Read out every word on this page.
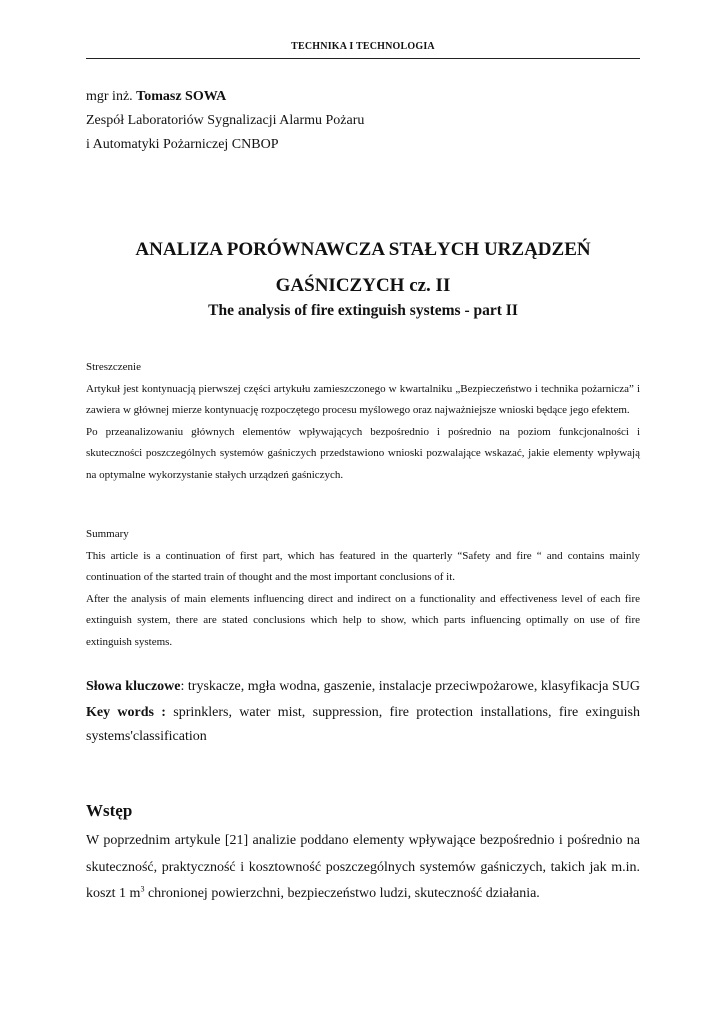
TECHNIKA I TECHNOLOGIA
mgr inż. Tomasz SOWA
Zespół Laboratoriów Sygnalizacji Alarmu Pożaru
i Automatyki Pożarniczej CNBOP
ANALIZA PORÓWNAWCZA STAŁYCH URZĄDZEŃ
GAŚNICZYCH cz. II
The analysis of fire extinguish systems - part II

Streszczenie

Artykuł jest kontynuacją pierwszej części artykułu zamieszczonego w kwartalniku „Bezpieczeństwo i technika pożarnicza” i zawiera w głównej mierze kontynuację rozpoczętego procesu myślowego oraz najważniejsze wnioski będące jego efektem.

Po przeanalizowaniu głównych elementów wpływających bezpośrednio i pośrednio na poziom funkcjonalności i skuteczności poszczególnych systemów gaśniczych przedstawiono wnioski pozwalające wskazać, jakie elementy wpływają na optymalne wykorzystanie stałych urządzeń gaśniczych.

Summary

This article is a continuation of first part, which has featured in the quarterly “Safety and fire “ and contains mainly continuation of the started train of thought and the most important conclusions of it.

After the analysis of main elements influencing direct and indirect on a functionality and effectiveness level of each fire extinguish system, there are stated conclusions which help to show, which parts influencing optimally on use of fire extinguish systems.

Słowa kluczowe: tryskacze, mgła wodna, gaszenie, instalacje przeciwpożarowe, klasyfikacja SUG

Key words : sprinklers, water mist, suppression, fire protection installations, fire exinguish systems'classification

Wstęp

W poprzednim artykule [21] analizie poddano elementy wpływające bezpośrednio i pośrednio na skuteczność, praktyczność i kosztowność poszczególnych systemów gaśniczych, takich jak m.in. koszt 1 $m^3$ chronionej powierzchni, bezpieczeństwo ludzi, skuteczność działania.
